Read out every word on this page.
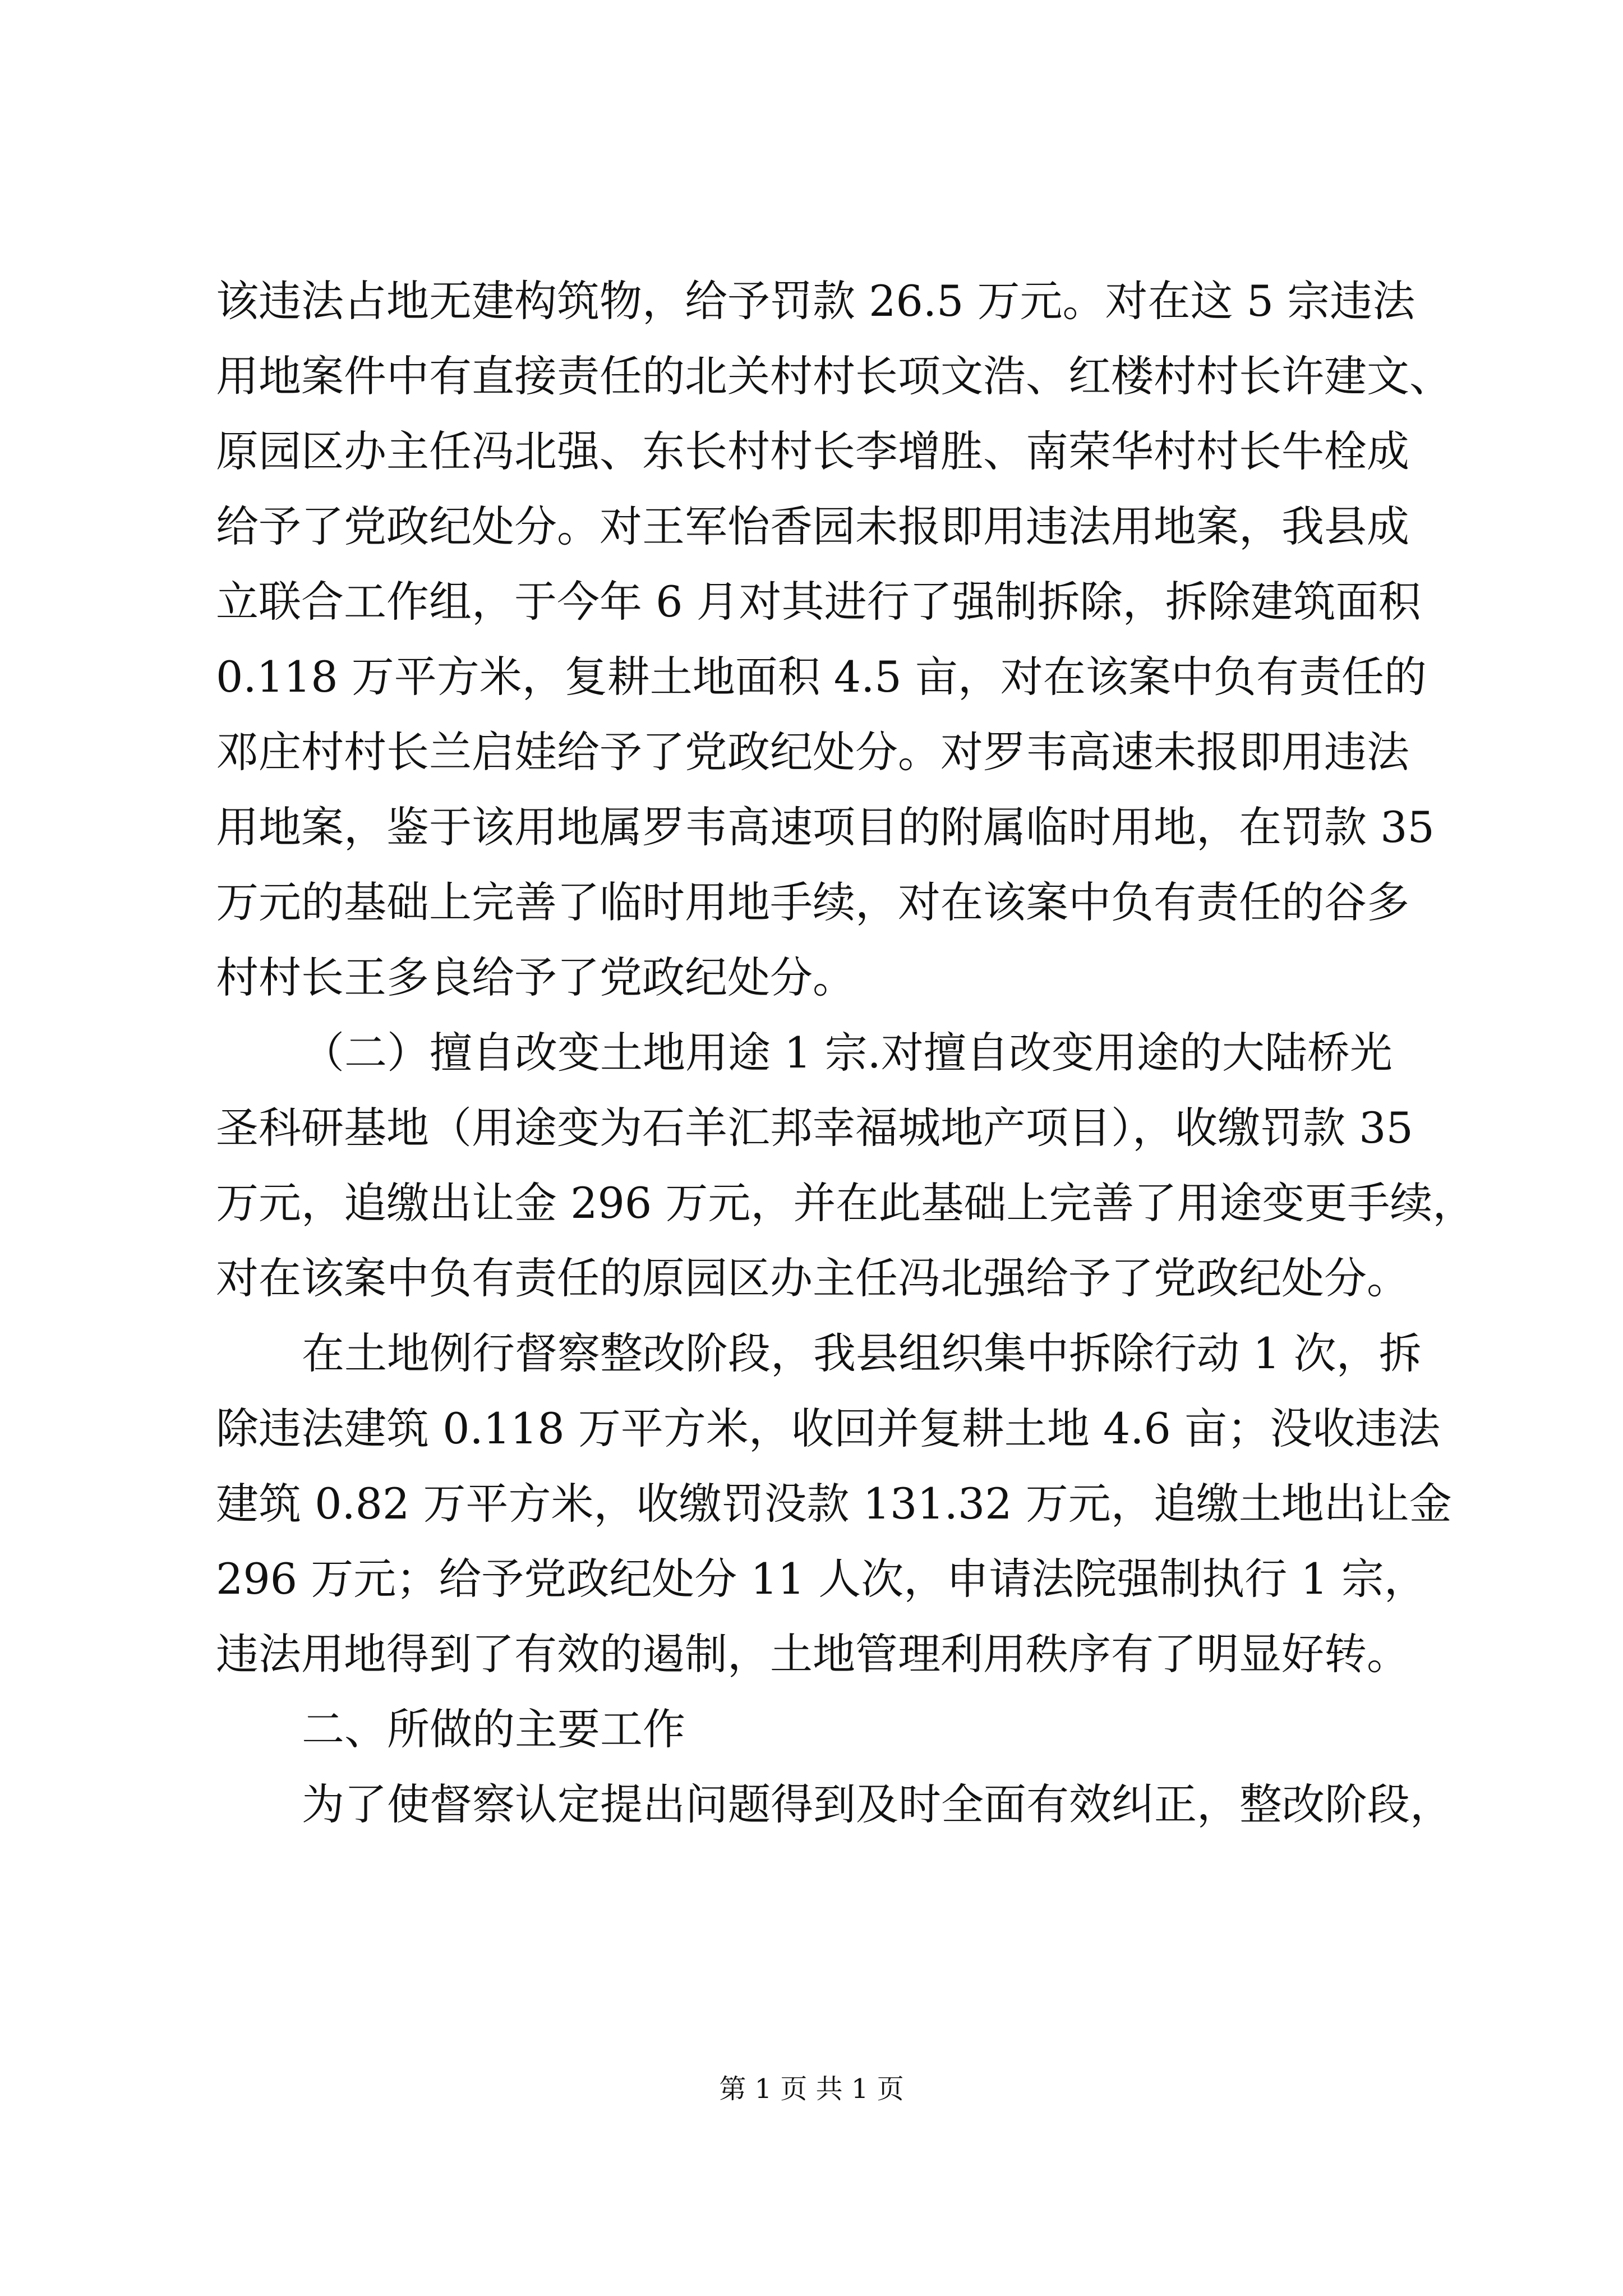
该违法占地无建构筑物，给予罚款 26.5 万元。对在这 5 宗违法
用地案件中有直接责任的北关村村长项文浩、红楼村村长许建文、
原园区办主任冯北强、东长村村长李增胜、南荣华村村长牛栓成
给予了党政纪处分。对王军怡香园未报即用违法用地案，我县成
立联合工作组，于今年 6 月对其进行了强制拆除，拆除建筑面积
0.118 万平方米，复耕土地面积 4.5 亩，对在该案中负有责任的
邓庄村村长兰启娃给予了党政纪处分。对罗韦高速未报即用违法
用地案，鉴于该用地属罗韦高速项目的附属临时用地，在罚款 35
万元的基础上完善了临时用地手续，对在该案中负有责任的谷多
村村长王多良给予了党政纪处分。
（二）擅自改变土地用途 1 宗.对擅自改变用途的大陆桥光
圣科研基地（用途变为石羊汇邦幸福城地产项目），收缴罚款 35
万元，追缴出让金 296 万元，并在此基础上完善了用途变更手续，
对在该案中负有责任的原园区办主任冯北强给予了党政纪处分。
在土地例行督察整改阶段，我县组织集中拆除行动 1 次，拆
除违法建筑 0.118 万平方米，收回并复耕土地 4.6 亩；没收违法
建筑 0.82 万平方米，收缴罚没款 131.32 万元，追缴土地出让金
296 万元；给予党政纪处分 11 人次，申请法院强制执行 1 宗，
违法用地得到了有效的遏制，土地管理利用秩序有了明显好转。
二、所做的主要工作
为了使督察认定提出问题得到及时全面有效纠正，整改阶段，
第 1 页 共 1 页
